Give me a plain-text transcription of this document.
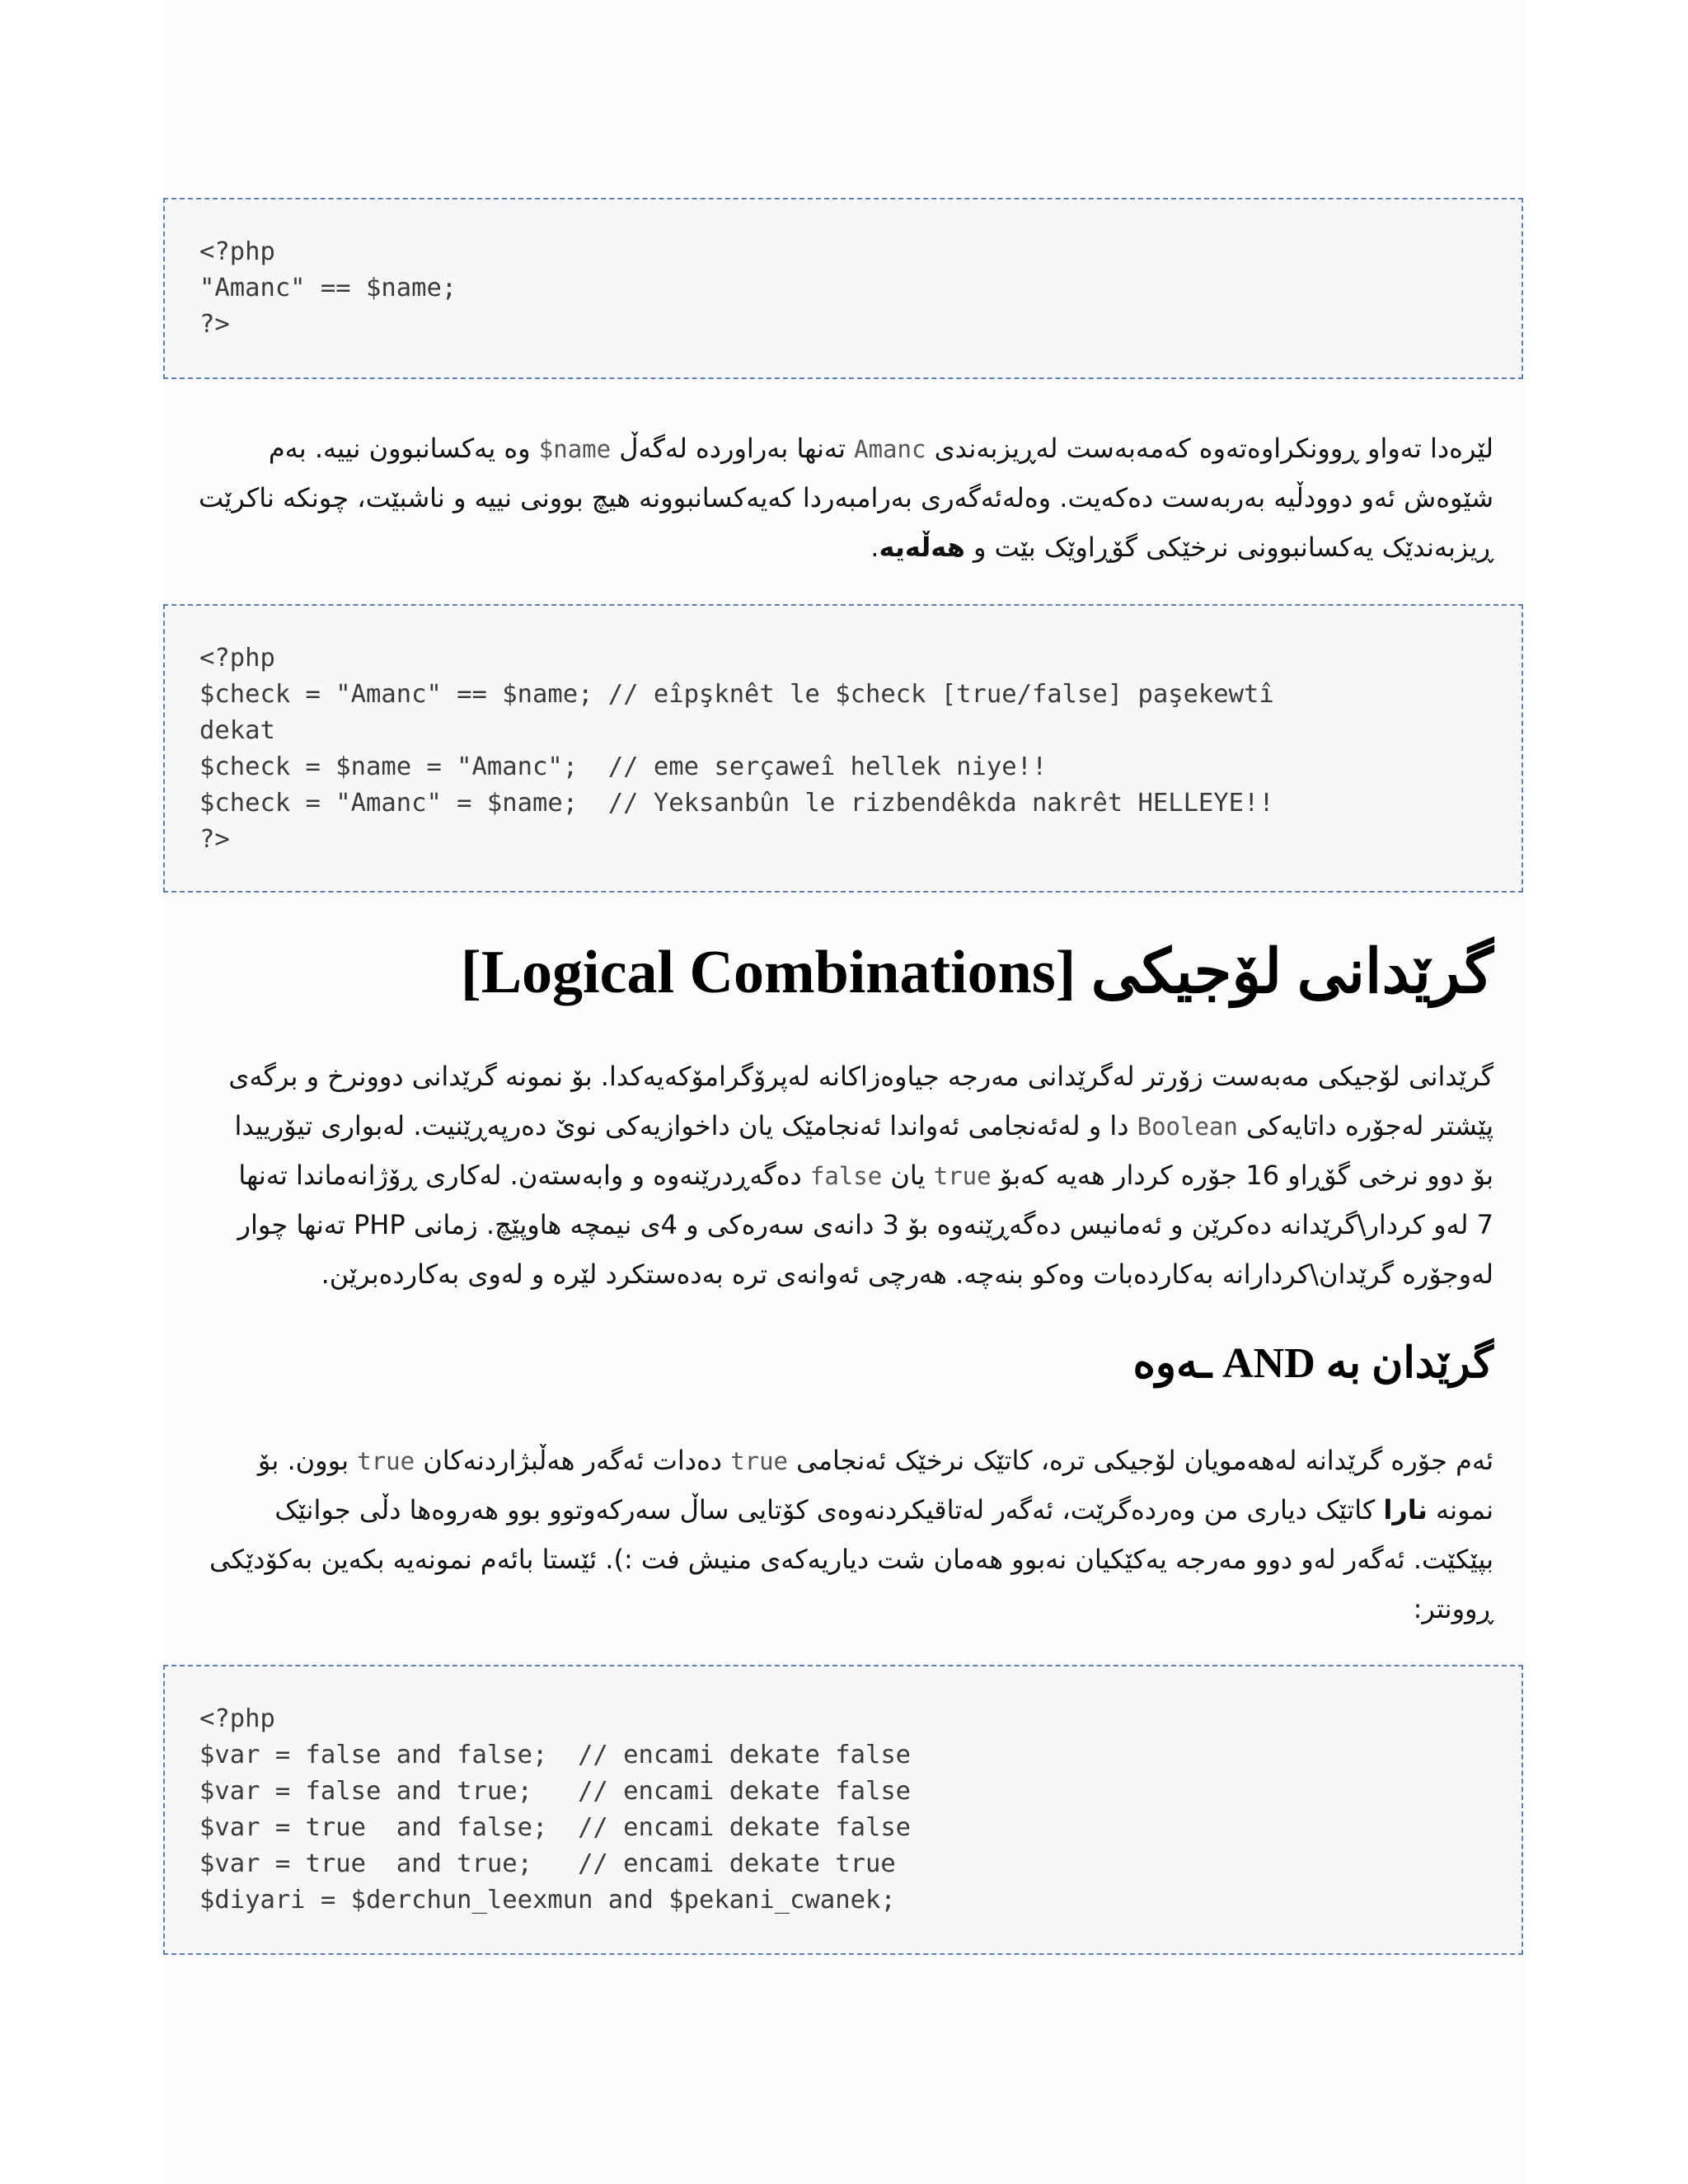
<?php
"Amanc" == $name;
?>
لێرەدا تەواو ڕوونکراوەتەوە کەمەبەست لەڕیزبەندی Amanc تەنها بەراورده لەگەڵ name$ وه یەکسانبوون نییە. بەم
شێوەش ئەو دوودڵیە بەربەست دەکەیت. وەلەئەگەری بەرامبەردا کەیەکسانبوونە هیچ بوونی نییە و ناشبێت، چونکە ناکرێت
ڕیزبەندێک یەکسانبوونی نرخێکی گۆڕاوێک بێت و هەڵەیە.
<?php
$check = "Amanc" == $name; // eîpşknêt le $check [true/false] paşekewtî
dekat
$check = $name = "Amanc";  // eme serçaweî hellek niye!!
$check = "Amanc" = $name;  // Yeksanbûn le rizbendêkda nakrêt HELLEYE!!
?>
گرێدانی لۆجیکی [Logical Combinations]
گرێدانی لۆجیکی مەبەست زۆرتر لەگرێدانی مەرجە جیاوەزاکانە لەپرۆگرامۆکەیەکدا. بۆ نمونە گرێدانی دوونرخ و برگەی
پێشتر لەجۆرە داتایەکی Boolean دا و لەئەنجامی ئەواندا ئەنجامێک یان داخوازیەکی نوێ دەرپەڕێنیت. لەبواری تیۆرییدا
بۆ دوو نرخی گۆڕاو 16 جۆرە کردار هەیە کەبۆ true یان false دەگەڕدرێنەوە و وابەستەن. لەکاری ڕۆژانەماندا تەنها
7 لەو کردار\گرێدانە دەکرێن و ئەمانیس دەگەڕێنەوە بۆ 3 دانەی سەرەکی و 4ی نیمچە هاوپێچ. زمانی PHP تەنها چوار
لەوجۆرە گرێدان\کردارانە بەکاردەبات وەکو بنەچە. هەرچی ئەوانەی ترە بەدەستکرد لێرە و لەوی بەکاردەبرێن.
گرێدان بە AND ـەوە
ئەم جۆرە گرێدانە لەهەمویان لۆجیکی ترە، کاتێک نرخێک ئەنجامی true دەدات ئەگەر هەڵبژاردنەکان true بوون. بۆ
نمونە نارا کاتێک دیاری من وەردەگرێت، ئەگەر لەتاقیکردنەوەی کۆتایی ساڵ سەرکەوتوو بوو هەروەها دڵی جوانێک
بپێکێت. ئەگەر لەو دوو مەرجە یەکێکیان نەبوو هەمان شت دیاریەکەی منیش فت :). ئێستا بائەم نمونەیە بکەین بەکۆدێکی
ڕوونتر:
<?php
$var = false and false;  // encami dekate false
$var = false and true;   // encami dekate false
$var = true  and false;  // encami dekate false
$var = true  and true;   // encami dekate true
$diyari = $derchun_leexmun and $pekani_cwanek;
